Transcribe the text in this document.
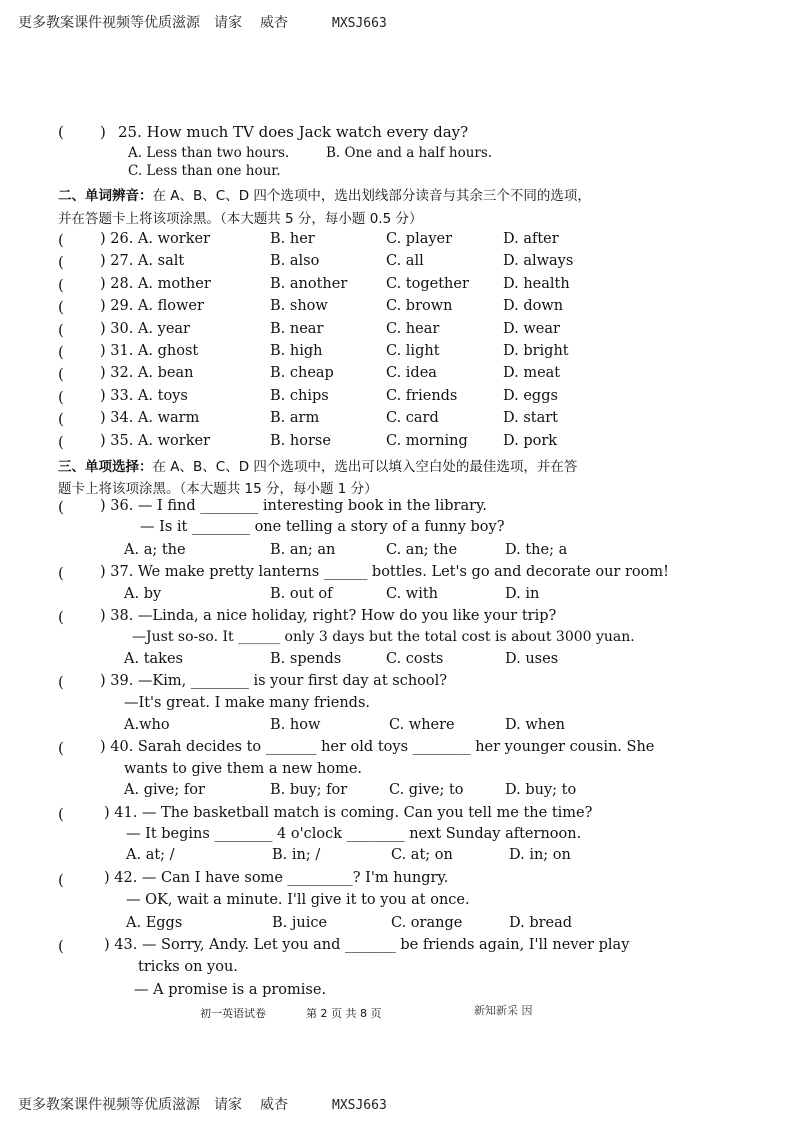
更多教案课件视频等优质滋源 请家 威杏	MXSJ663
( ) 25. How much TV does Jack watch every day?
A. Less than two hours.	B. One and a half hours.
C. Less than one hour.
二、单词辨音：在 A、B、C、D 四个选项中，选出划线部分读音与其余三个不同的选项，
并在答题卡上将该项涂黑。（本大题共 5 分，每小题 0.5 分）
( ) 26. A. worker	B. her	C. player	D. after
( ) 27. A. salt	B. also	C. all	D. always
( ) 28. A. mother	B. another	C. together D. health
( ) 29. A. flower	B. show	C. brown	D. down
( ) 30. A. year	B. near	C. hear	D. wear
( ) 31. A. ghost	B. high	C. light	D. bright
( ) 32. A. bean	B. cheap	C. idea	D. meat
( ) 33. A. toys	B. chips	C. friends	D. eggs
( ) 34. A. warm	B. arm	C. card	D. start
( ) 35. A. worker	B. horse	C. morning D. pork
三、单项选择：在 A、B、C、D 四个选项中，选出可以填入空白处的最佳选项，并在答
题卡上将该项涂黑。（本大题共 15 分，每小题 1 分）
( ) 36. — I find ________ interesting book in the library.
— Is it ________ one telling a story of a funny boy?
A. a; the	B. an; an	C. an; the	D. the; a
( ) 37. We make pretty lanterns ______ bottles. Let's go and decorate our room!
A. by	B. out of	C. with	D. in
( ) 38. —Linda, a nice holiday, right? How do you like your trip?
—Just so-so. It ______ only 3 days but the total cost is about 3000 yuan.
A. takes	B. spends	C. costs	D. uses
( ) 39. —Kim, ________ is your first day at school?
—It's great. I make many friends.
A.who	B. how	C. where	D. when
( ) 40. Sarah decides to _______ her old toys ________ her younger cousin. She
wants to give them a new home.
A. give; for	B. buy; for	C. give; to	D. buy; to
(	) 41. — The basketball match is coming. Can you tell me the time?
— It begins ________ 4 o'clock ________ next Sunday afternoon.
A. at; /	B. in; /	C. at; on	D. in; on
(	) 42. — Can I have some _________? I'm hungry.
— OK, wait a minute. I'll give it to you at once.
A. Eggs	B. juice	C. orange	D. bread
(	) 43. — Sorry, Andy. Let you and _______ be friends again, I'll never play
tricks on you.
— A promise is a promise.
初一英语试卷	第 2 页 共 8 页	新知新采 因
更多教案课件视频等优质滋源 请家 威杏	MXSJ663
